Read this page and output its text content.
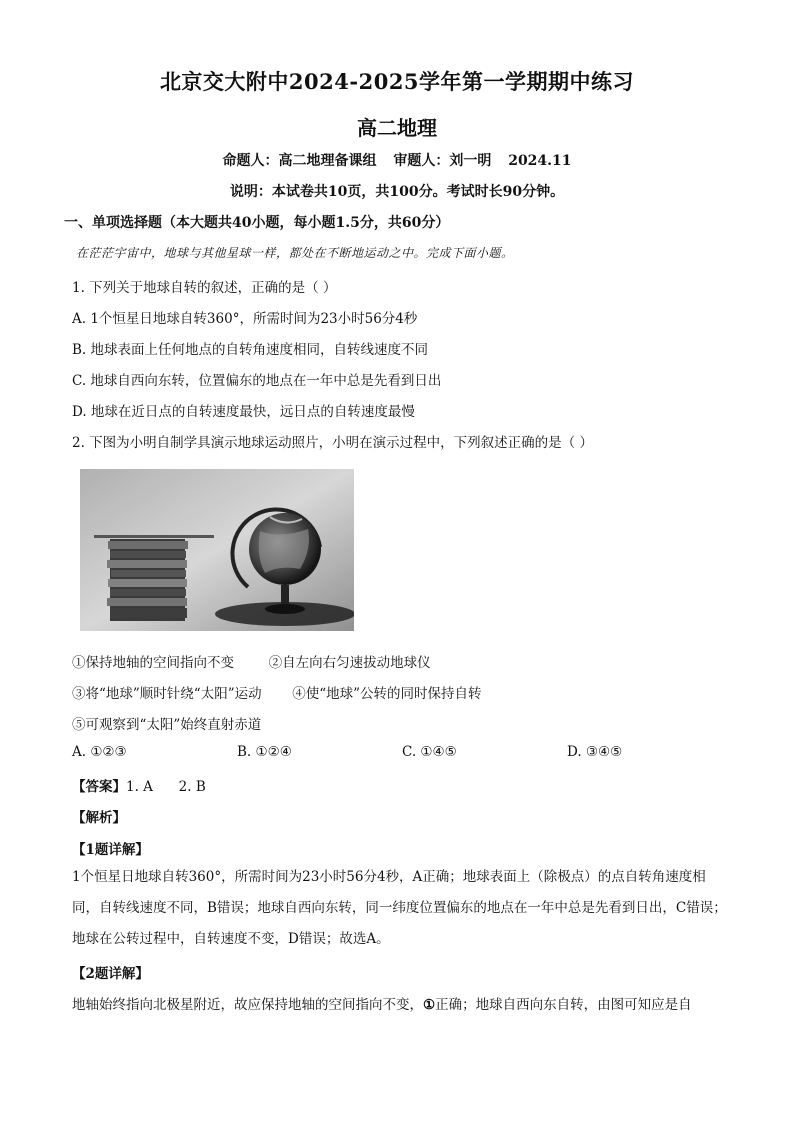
北京交大附中2024-2025学年第一学期期中练习
高二地理
命题人：高二地理备课组 审题人：刘一明 2024.11
说明：本试卷共10页，共100分。考试时长90分钟。
一、单项选择题（本大题共40小题，每小题1.5分，共60分）
在茫茫宇宙中，地球与其他星球一样，都处在不断地运动之中。完成下面小题。
1. 下列关于地球自转的叙述，正确的是（ ）
A. 1个恒星日地球自转360°，所需时间为23小时56分4秒
B. 地球表面上任何地点的自转角速度相同，自转线速度不同
C. 地球自西向东转，位置偏东的地点在一年中总是先看到日出
D. 地球在近日点的自转速度最快，远日点的自转速度最慢
2. 下图为小明自制学具演示地球运动照片，小明在演示过程中，下列叙述正确的是（ ）
①保持地轴的空间指向不变	②自左向右匀速拔动地球仪
③将“地球”顺时针绕“太阳”运动 ④使“地球”公转的同时保持自转
⑤可观察到“太阳”始终直射赤道
A. ①②③	B. ①②④	C. ①④⑤	D. ③④⑤
【答案】1. A      2. B
【解析】
【1题详解】
1个恒星日地球自转360°，所需时间为23小时56分4秒，A正确；地球表面上（除极点）的点自转角速度相同，自转线速度不同，B错误；地球自西向东转，同一纬度位置偏东的地点在一年中总是先看到日出，C错误；地球在公转过程中，自转速度不变，D错误；故选A。
【2题详解】
地轴始终指向北极星附近，故应保持地轴的空间指向不变，①正确；地球自西向东自转，由图可知应是自
